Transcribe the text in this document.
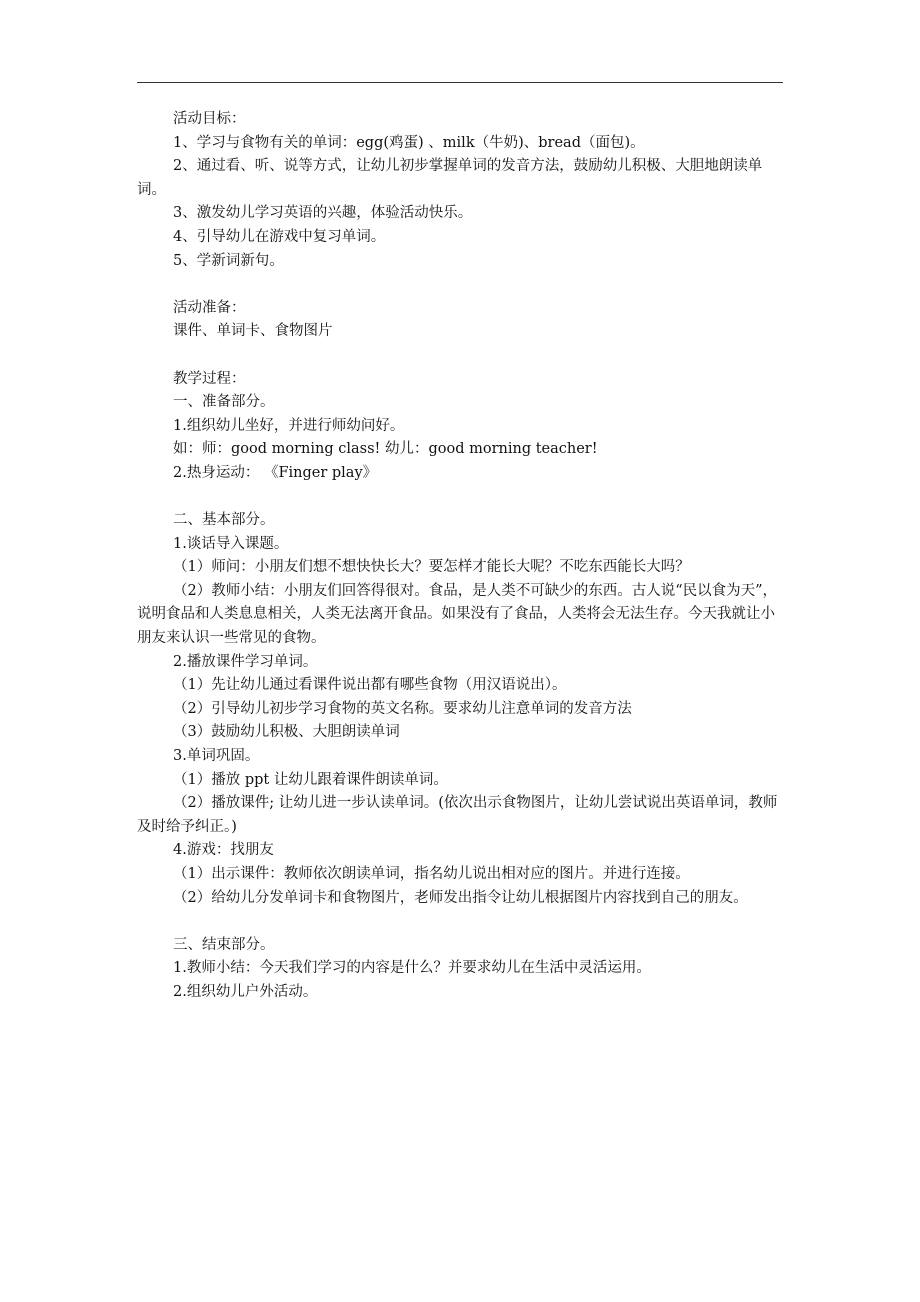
活动目标：

1、学习与食物有关的单词：egg(鸡蛋) 、milk（牛奶)、bread（面包)。

2、通过看、听、说等方式，让幼儿初步掌握单词的发音方法，鼓励幼儿积极、大胆地朗读单词。

3、激发幼儿学习英语的兴趣，体验活动快乐。

4、引导幼儿在游戏中复习单词。

5、学新词新句。

活动准备：

课件、单词卡、食物图片

教学过程：

一、准备部分。

1.组织幼儿坐好，并进行师幼问好。

如：师：good morning class! 幼儿：good morning teacher!

2.热身运动： 《Finger play》

二、基本部分。

1.谈话导入课题。

（1）师问：小朋友们想不想快快长大？要怎样才能长大呢？不吃东西能长大吗？

（2）教师小结：小朋友们回答得很对。食品，是人类不可缺少的东西。古人说“民以食为天”，说明食品和人类息息相关，人类无法离开食品。如果没有了食品，人类将会无法生存。今天我就让小朋友来认识一些常见的食物。

2.播放课件学习单词。

（1）先让幼儿通过看课件说出都有哪些食物（用汉语说出）。

（2）引导幼儿初步学习食物的英文名称。要求幼儿注意单词的发音方法

（3）鼓励幼儿积极、大胆朗读单词

3.单词巩固。

（1）播放 ppt 让幼儿跟着课件朗读单词。

（2）播放课件; 让幼儿进一步认读单词。(依次出示食物图片，让幼儿尝试说出英语单词，教师及时给予纠正。)

4.游戏：找朋友

（1）出示课件：教师依次朗读单词，指名幼儿说出相对应的图片。并进行连接。

（2）给幼儿分发单词卡和食物图片，老师发出指令让幼儿根据图片内容找到自己的朋友。

三、结束部分。

1.教师小结：今天我们学习的内容是什么？并要求幼儿在生活中灵活运用。

2.组织幼儿户外活动。
